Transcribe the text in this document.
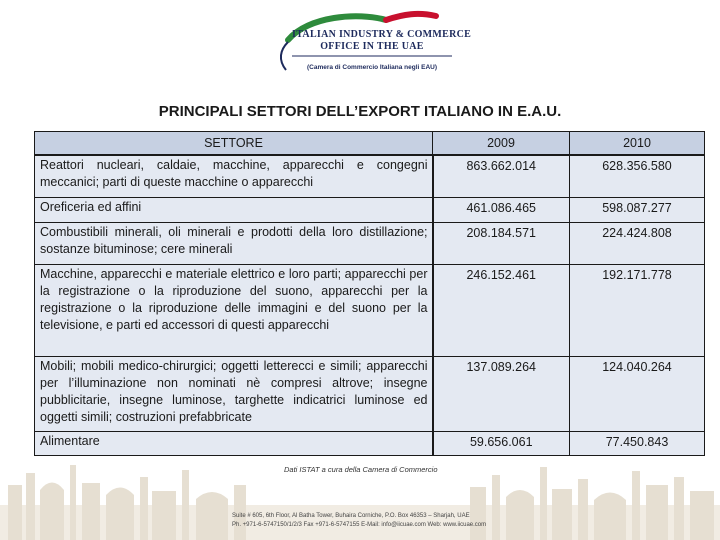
ITALIAN INDUSTRY & COMMERCE
OFFICE IN THE UAE
(Camera di Commercio Italiana negli EAU)
PRINCIPALI SETTORI DELL’EXPORT ITALIANO IN E.A.U.
SETTORE	2009	2010
Reattori nucleari, caldaie, macchine, apparecchi e congegni meccanici; parti di queste macchine o apparecchi	863.662.014	628.356.580
Oreficeria ed affini	461.086.465	598.087.277
Combustibili minerali, oli minerali e prodotti della loro distillazione; sostanze bituminose; cere minerali	208.184.571	224.424.808
Macchine, apparecchi e materiale elettrico e loro parti; apparecchi per la registrazione o la riproduzione del suono, apparecchi per la registrazione o la riproduzione delle immagini e del suono per la televisione, e parti ed accessori di questi apparecchi	246.152.461	192.171.778
Mobili; mobili medico-chirurgici; oggetti letterecci e simili; apparecchi per l’illuminazione non nominati nè compresi altrove; insegne pubblicitarie, insegne luminose, targhette indicatrici luminose ed oggetti simili; costruzioni prefabbricate	137.089.264	124.040.264
Alimentare	59.656.061	77.450.843
Dati ISTAT a cura della Camera di Commercio
Suite # 605, 6th Floor, Al Batha Tower, Buhaira Corniche, P.O. Box 46353 – Sharjah, UAE
Ph. +971-6-5747150/1/2/3 Fax +971-6-5747155 E-Mail: info@iicuae.com Web: www.iicuae.com
